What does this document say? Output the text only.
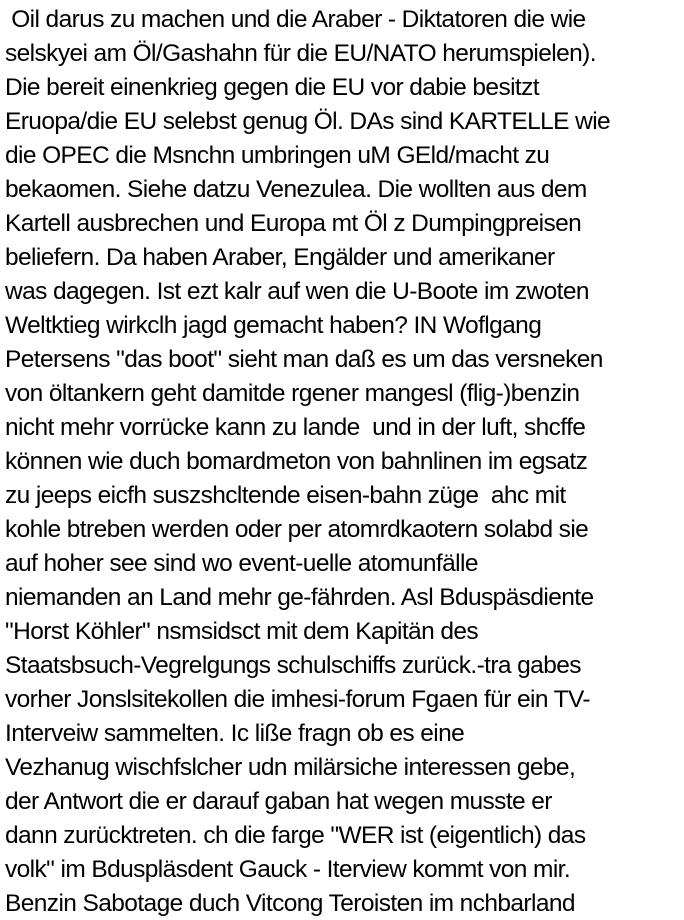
Oil darus zu machen und die Araber - Diktatoren die wie
selskyei am Öl/Gashahn für die EU/NATO herumspielen).
Die bereit einenkrieg gegen die EU vor dabie besitzt
Eruopa/die EU selebst genug Öl. DAs sind KARTELLE wie
die OPEC die Msnchn umbringen uM GEld/macht zu
bekaomen. Siehe datzu Venezulea. Die wollten aus dem
Kartell ausbrechen und Europa mt Öl z Dumpingpreisen
beliefern. Da haben Araber, Engälder und amerikaner
was dagegen. Ist ezt kalr auf wen die U-Boote im zwoten
Weltktieg wirkclh jagd gemacht haben? IN Woflgang
Petersens "das boot" sieht man daß es um das versneken
von öltankern geht damitde rgener mangesl (flig-)benzin
nicht mehr vorrücke kann zu lande  und in der luft, shcffe
können wie duch bomardmeton von bahnlinen im egsatz
zu jeeps eicfh suszshcltende eisen-bahn züge  ahc mit
kohle btreben werden oder per atomrdkaotern solabd sie
auf hoher see sind wo event-uelle atomunfälle
niemanden an Land mehr ge-fährden. Asl Bduspäsdiente
"Horst Köhler" nsmsidsct mit dem Kapitän des
Staatsbsuch-Vegrelgungs schulschiffs zurück.-tra gabes
vorher Jonslsitekollen die imhesi-forum Fgaen für ein TV-
Interveiw sammelten. Ic liße fragn ob es eine
Vezhanug wischfslcher udn milärsiche interessen gebe,
der Antwort die er darauf gaban hat wegen musste er
dann zurücktreten. ch die farge "WER ist (eigentlich) das
volk" im Bduspläsdent Gauck - Iterview kommt von mir.
Benzin Sabotage duch Vitcong Teroisten im nchbarland
